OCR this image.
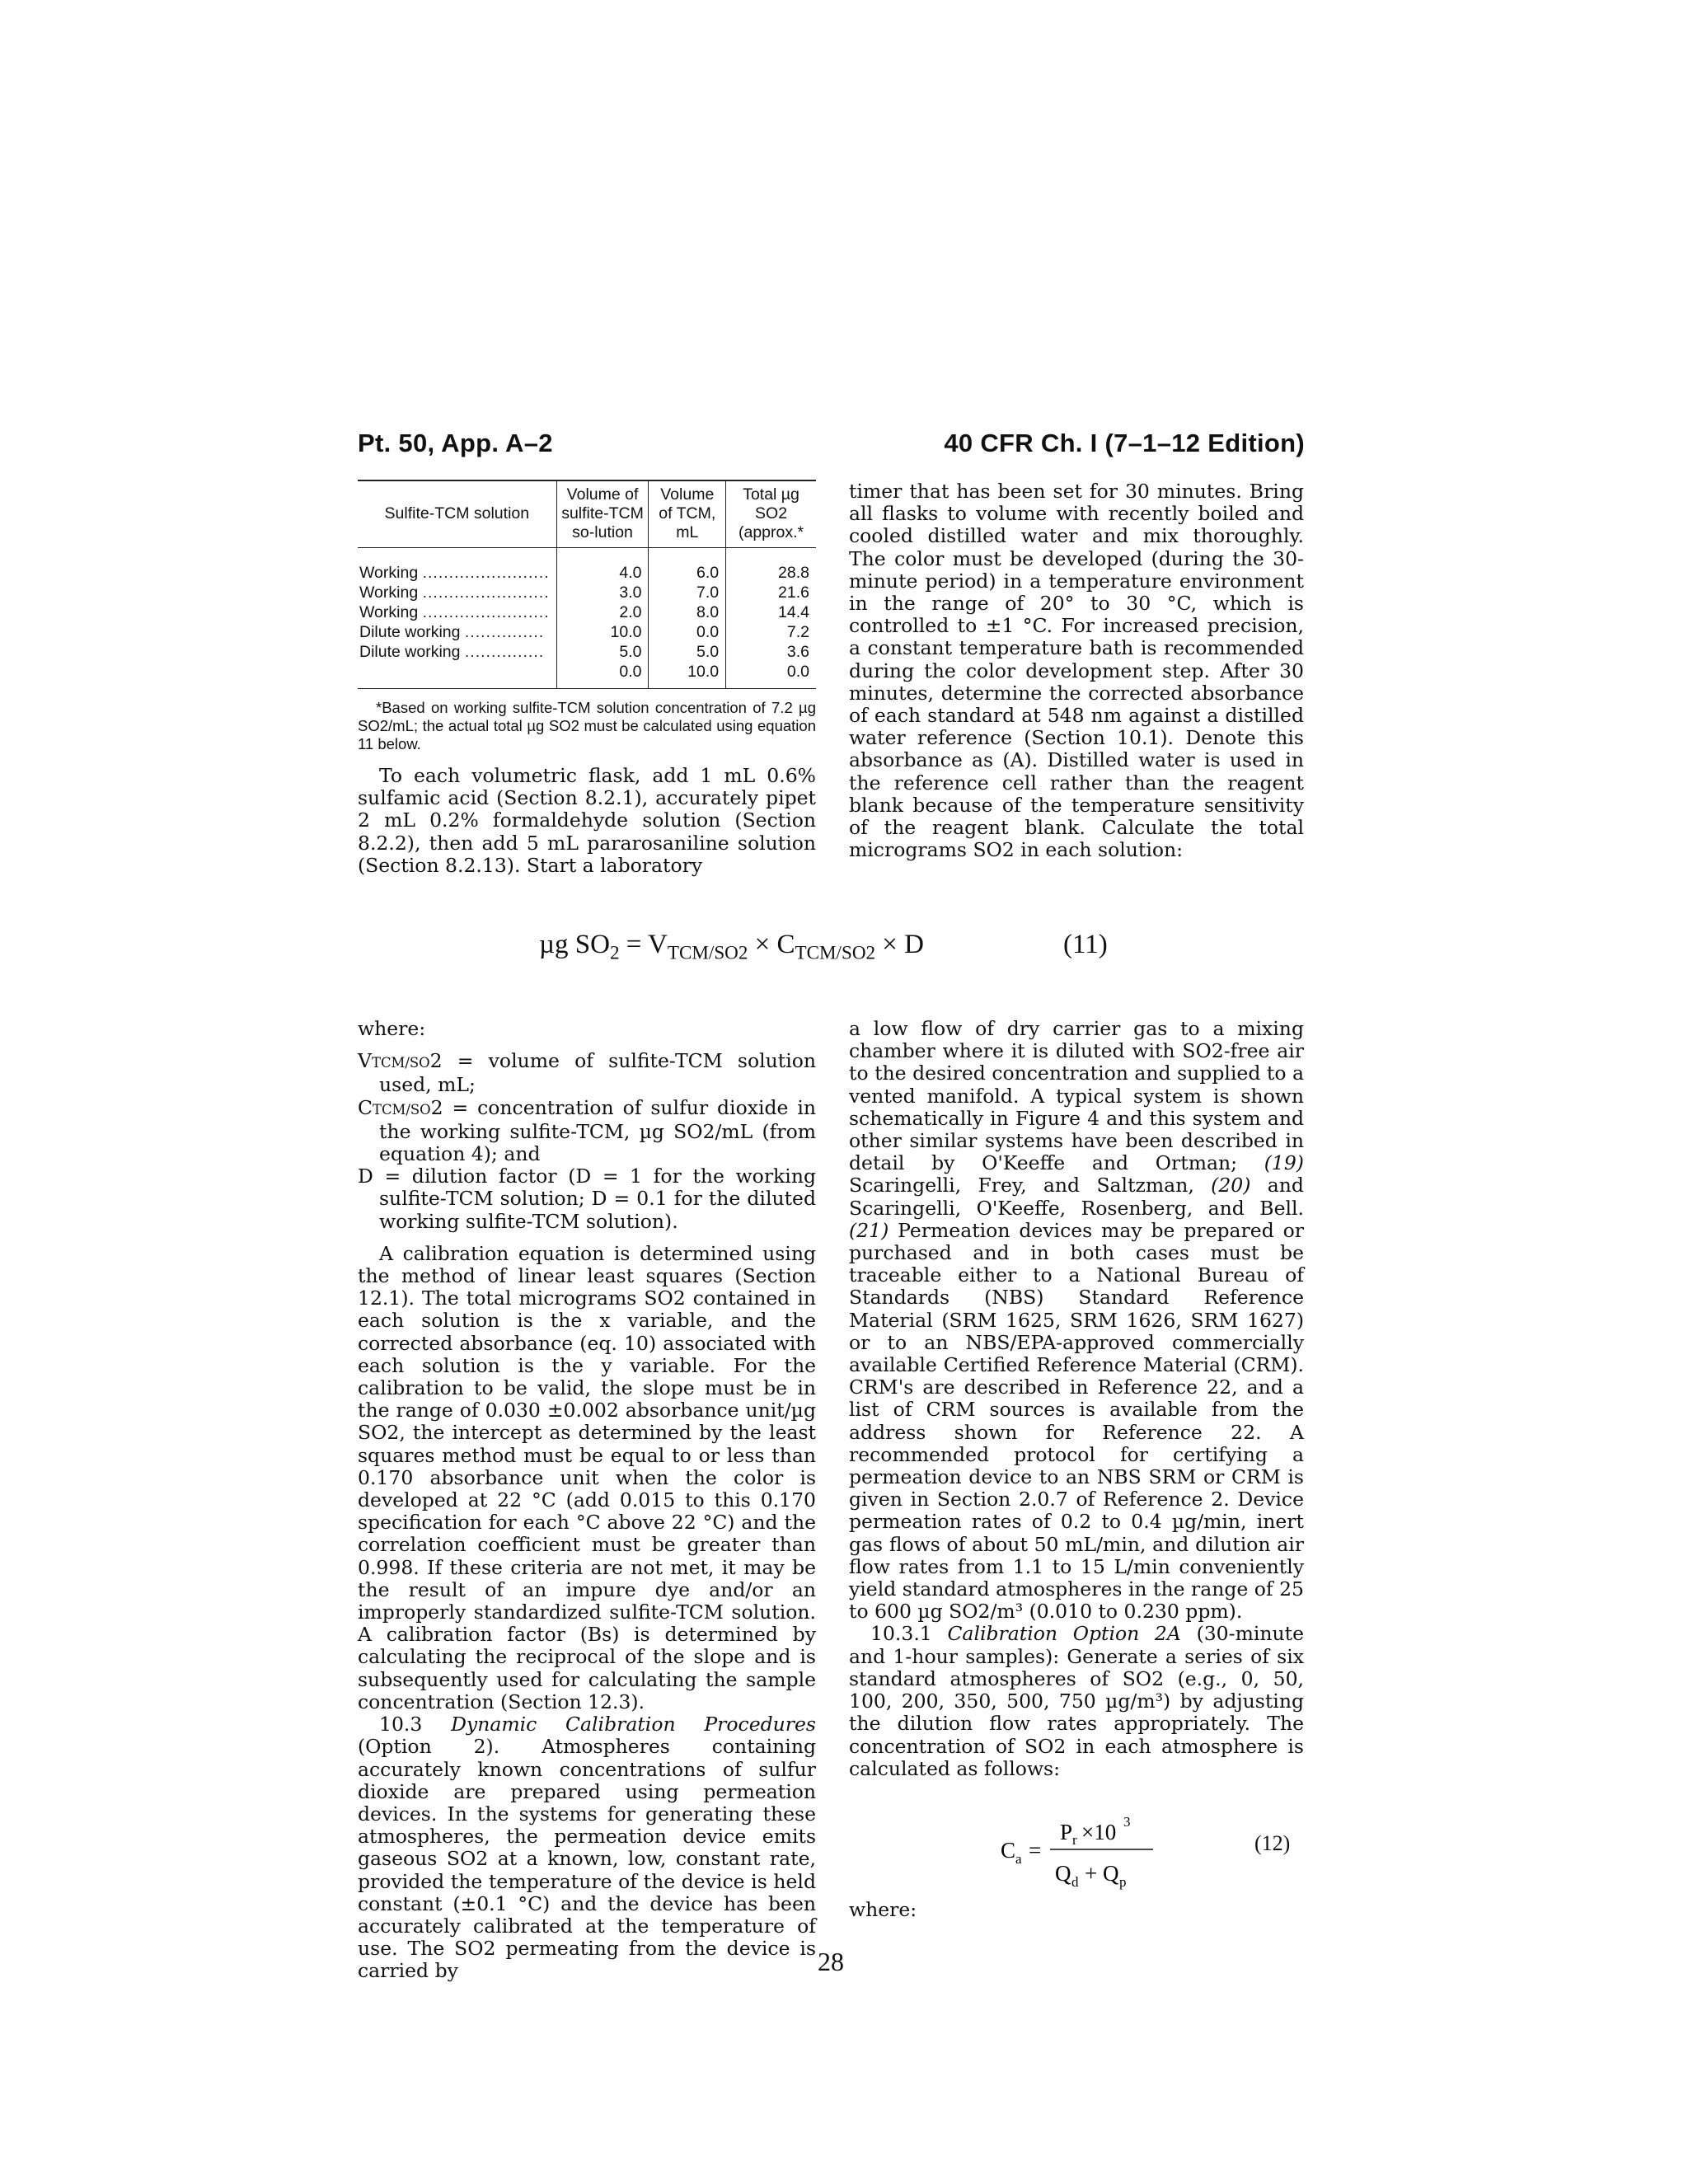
Pt. 50, App. A–2	40 CFR Ch. I (7–1–12 Edition)
Sulfite-TCM solution	Volume of sulfite-TCM so-lution	Volume of TCM, mL	Total µg SO2 (approx.*
Working ........................	4.0	6.0	28.8
Working ........................	3.0	7.0	21.6
Working ........................	2.0	8.0	14.4
Dilute working ...............	10.0	0.0	7.2
Dilute working ...............	5.0	5.0	3.6
	0.0	10.0	0.0
*Based on working sulfite-TCM solution concentration of 7.2 µg SO2/mL; the actual total µg SO2 must be calculated using equation 11 below.

To each volumetric flask, add 1 mL 0.6% sulfamic acid (Section 8.2.1), accurately pipet 2 mL 0.2% formaldehyde solution (Section 8.2.2), then add 5 mL pararosaniline solution (Section 8.2.13). Start a laboratory

timer that has been set for 30 minutes. Bring all flasks to volume with recently boiled and cooled distilled water and mix thoroughly. The color must be developed (during the 30-minute period) in a temperature environment in the range of 20° to 30 °C, which is controlled to ±1 °C. For increased precision, a constant temperature bath is recommended during the color development step. After 30 minutes, determine the corrected absorbance of each standard at 548 nm against a distilled water reference (Section 10.1). Denote this absorbance as (A). Distilled water is used in the reference cell rather than the reagent blank because of the temperature sensitivity of the reagent blank. Calculate the total micrograms SO2 in each solution:

µg $SO_2 = V_{TCM/SO2} \times C_{TCM/SO2} \times D$	(11)

where:

VTCM/SO2 = volume of sulfite-TCM solution used, mL;

CTCM/SO2 = concentration of sulfur dioxide in the working sulfite-TCM, µg SO2/mL (from equation 4); and

D = dilution factor (D = 1 for the working sulfite-TCM solution; D = 0.1 for the diluted working sulfite-TCM solution).

A calibration equation is determined using the method of linear least squares (Section 12.1). The total micrograms SO2 contained in each solution is the x variable, and the corrected absorbance (eq. 10) associated with each solution is the y variable. For the calibration to be valid, the slope must be in the range of 0.030 ±0.002 absorbance unit/µg SO2, the intercept as determined by the least squares method must be equal to or less than 0.170 absorbance unit when the color is developed at 22 °C (add 0.015 to this 0.170 specification for each °C above 22 °C) and the correlation coefficient must be greater than 0.998. If these criteria are not met, it may be the result of an impure dye and/or an improperly standardized sulfite-TCM solution. A calibration factor (Bs) is determined by calculating the reciprocal of the slope and is subsequently used for calculating the sample concentration (Section 12.3).

10.3 Dynamic Calibration Procedures (Option 2). Atmospheres containing accurately known concentrations of sulfur dioxide are prepared using permeation devices. In the systems for generating these atmospheres, the permeation device emits gaseous SO2 at a known, low, constant rate, provided the temperature of the device is held constant (±0.1 °C) and the device has been accurately calibrated at the temperature of use. The SO2 permeating from the device is carried by

a low flow of dry carrier gas to a mixing chamber where it is diluted with SO2-free air to the desired concentration and supplied to a vented manifold. A typical system is shown schematically in Figure 4 and this system and other similar systems have been described in detail by O'Keeffe and Ortman; (19) Scaringelli, Frey, and Saltzman, (20) and Scaringelli, O'Keeffe, Rosenberg, and Bell. (21) Permeation devices may be prepared or purchased and in both cases must be traceable either to a National Bureau of Standards (NBS) Standard Reference Material (SRM 1625, SRM 1626, SRM 1627) or to an NBS/EPA-approved commercially available Certified Reference Material (CRM). CRM's are described in Reference 22, and a list of CRM sources is available from the address shown for Reference 22. A recommended protocol for certifying a permeation device to an NBS SRM or CRM is given in Section 2.0.7 of Reference 2. Device permeation rates of 0.2 to 0.4 µg/min, inert gas flows of about 50 mL/min, and dilution air flow rates from 1.1 to 15 L/min conveniently yield standard atmospheres in the range of 25 to 600 µg SO2/m³ (0.010 to 0.230 ppm).

10.3.1 Calibration Option 2A (30-minute and 1-hour samples): Generate a series of six standard atmospheres of SO2 (e.g., 0, 50, 100, 200, 350, 500, 750 µg/m³) by adjusting the dilution flow rates appropriately. The concentration of SO2 in each atmosphere is calculated as follows:

C a =
P r ×10 3
Q d + Q p
(12)
where:
28
